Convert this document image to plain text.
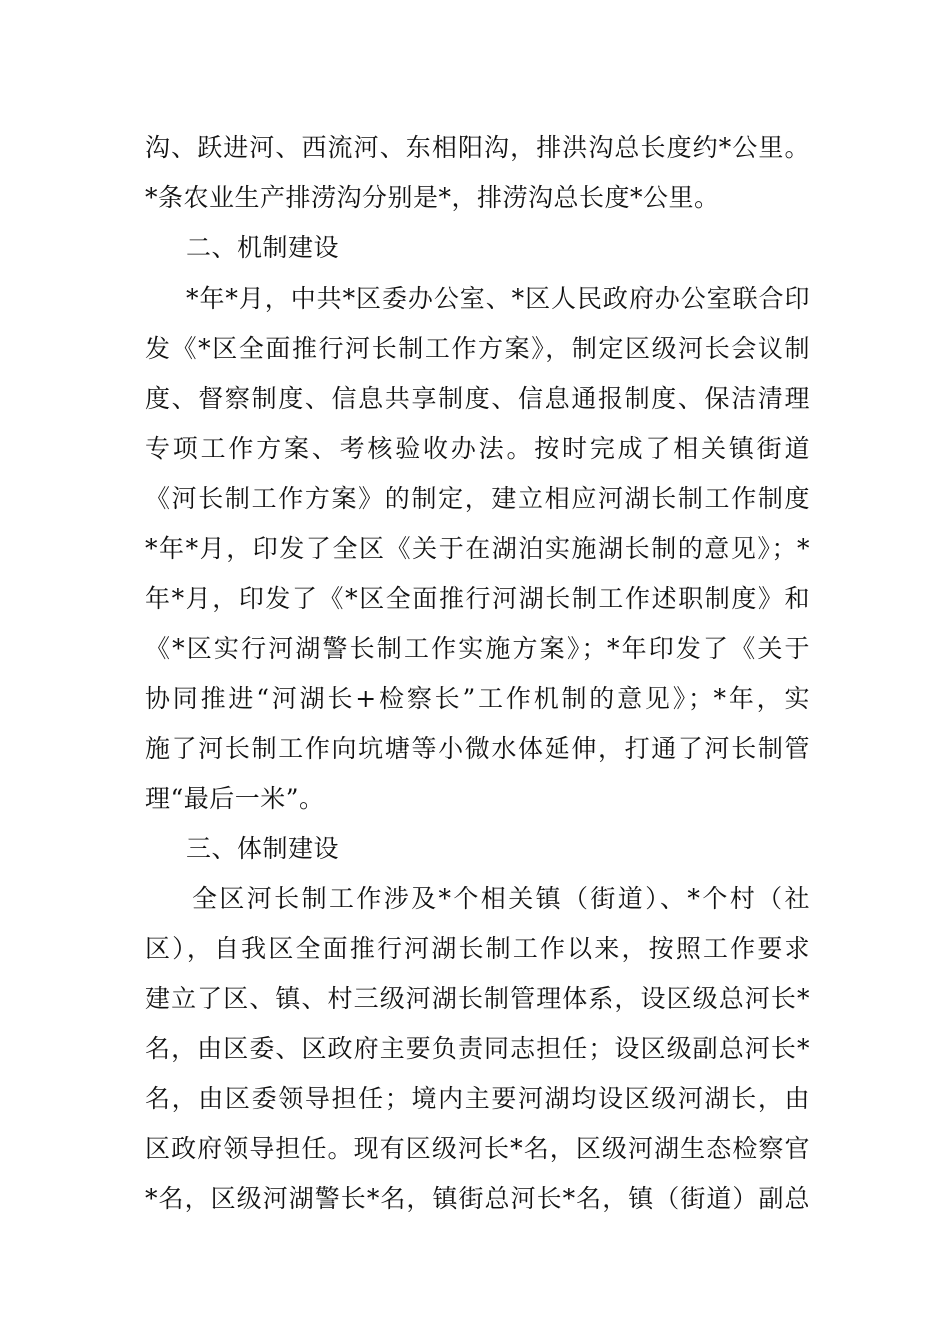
沟、跃进河、西流河、东相阳沟，排洪沟总长度约*公里。
*条农业生产排涝沟分别是*，排涝沟总长度*公里。
二、机制建设
*年*月，中共*区委办公室、*区人民政府办公室联合印
发《*区全面推行河长制工作方案》，制定区级河长会议制
度、督察制度、信息共享制度、信息通报制度、保洁清理
专项工作方案、考核验收办法。按时完成了相关镇街道
《河长制工作方案》的制定，建立相应河湖长制工作制度
*年*月，印发了全区《关于在湖泊实施湖长制的意见》；*
年*月，印发了《*区全面推行河湖长制工作述职制度》和
《*区实行河湖警长制工作实施方案》；*年印发了《关于
协同推进“河湖长+检察长”工作机制的意见》；*年，实
施了河长制工作向坑塘等小微水体延伸，打通了河长制管
理“最后一米”。
三、体制建设
全区河长制工作涉及*个相关镇（街道）、*个村（社
区），自我区全面推行河湖长制工作以来，按照工作要求
建立了区、镇、村三级河湖长制管理体系，设区级总河长*
名，由区委、区政府主要负责同志担任；设区级副总河长*
名，由区委领导担任；境内主要河湖均设区级河湖长，由
区政府领导担任。现有区级河长*名，区级河湖生态检察官
*名，区级河湖警长*名，镇街总河长*名，镇（街道）副总
